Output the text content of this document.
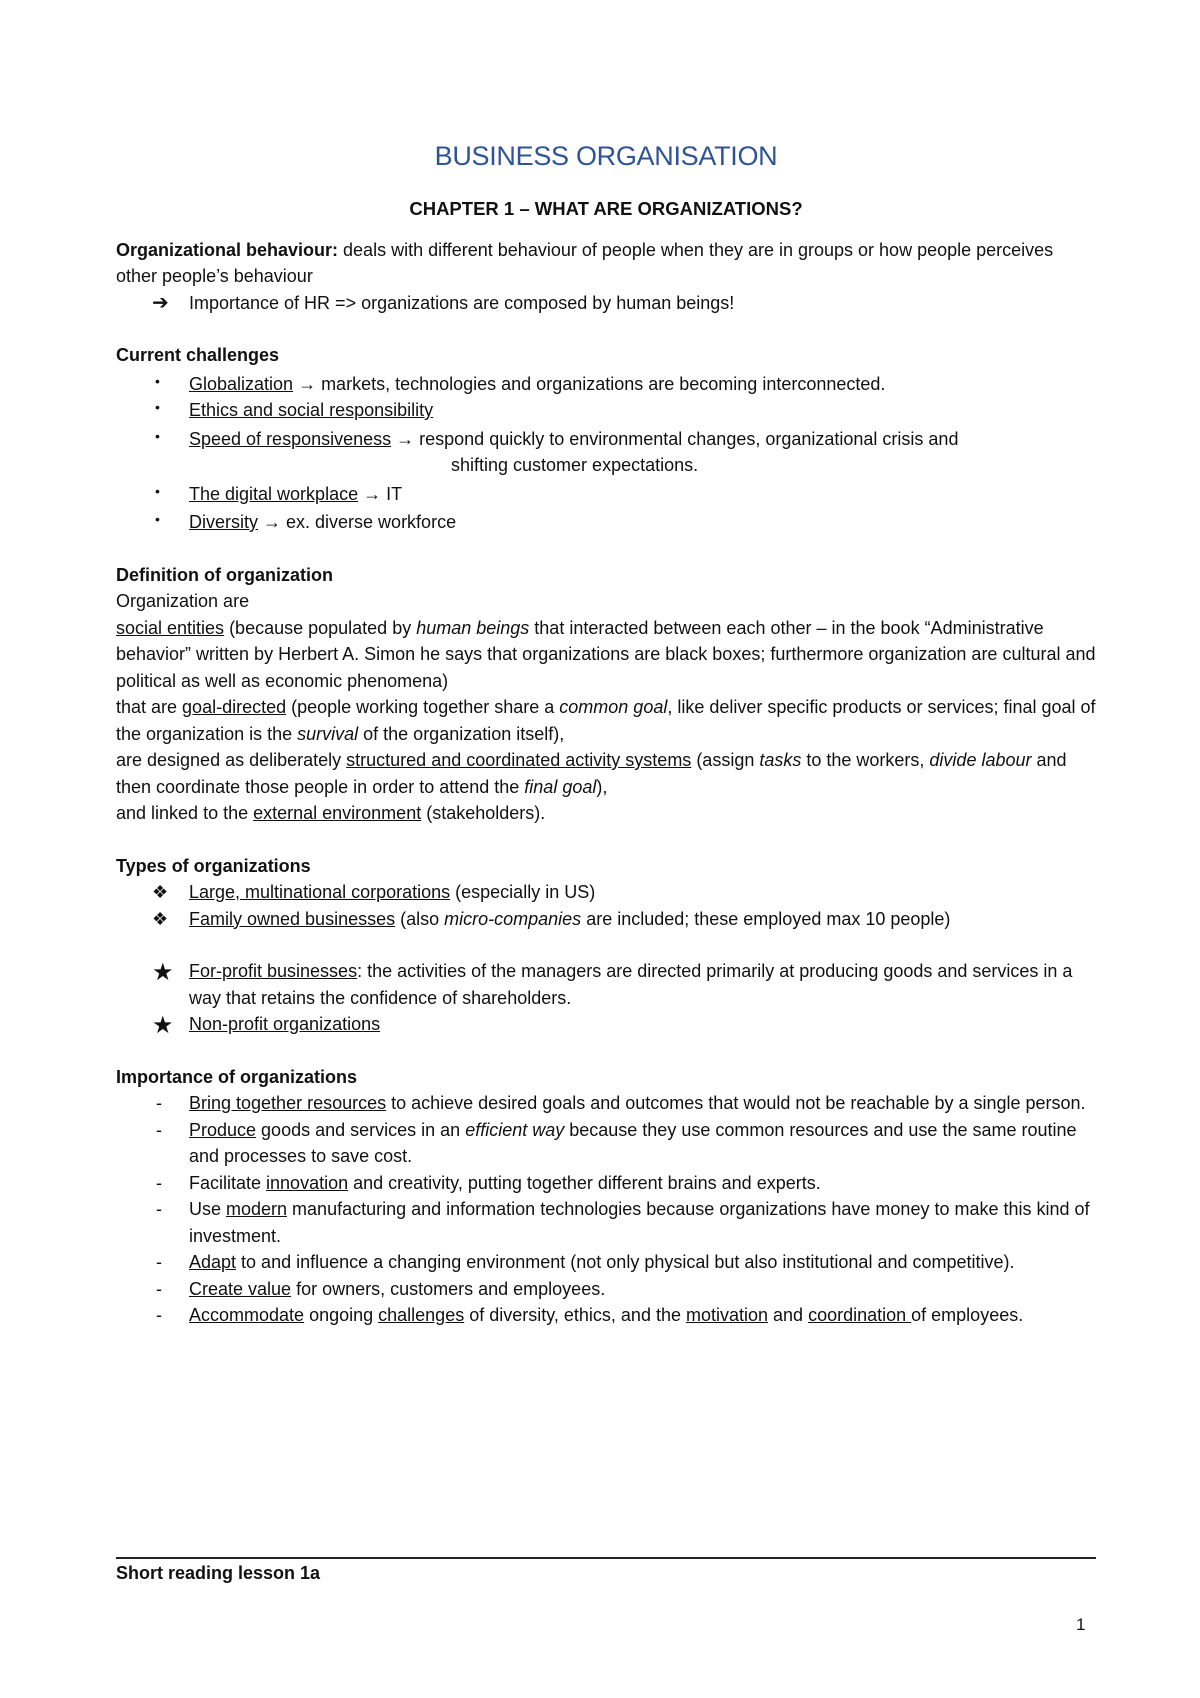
BUSINESS ORGANISATION
CHAPTER 1 – WHAT ARE ORGANIZATIONS?

Organizational behaviour: deals with different behaviour of people when they are in groups or how people perceives other people’s behaviour

➔	Importance of HR => organizations are composed by human beings!
Current challenges
•	Globalization → markets, technologies and organizations are becoming interconnected.
•	Ethics and social responsibility
•	Speed of responsiveness → respond quickly to environmental changes, organizational crisis and
shifting customer expectations.
•	The digital workplace → IT
•	Diversity → ex. diverse workforce
Definition of organization
Organization are

social entities (because populated by human beings that interacted between each other – in the book “Administrative behavior” written by Herbert A. Simon he says that organizations are black boxes; furthermore organization are cultural and political as well as economic phenomena)

that are goal-directed (people working together share a common goal, like deliver specific products or services; final goal of the organization is the survival of the organization itself),

are designed as deliberately structured and coordinated activity systems (assign tasks to the workers, divide labour and then coordinate those people in order to attend the final goal),

and linked to the external environment (stakeholders).

Types of organizations
❖	Large, multinational corporations (especially in US)
❖	Family owned businesses (also micro-companies are included; these employed max 10 people)
★ For-profit businesses: the activities of the managers are directed primarily at producing goods and services in a way that retains the confidence of shareholders.
★ Non-profit organizations
Importance of organizations
-	Bring together resources to achieve desired goals and outcomes that would not be reachable by a single person.
-	Produce goods and services in an efficient way because they use common resources and use the same routine and processes to save cost.
-	Facilitate innovation and creativity, putting together different brains and experts.
-	Use modern manufacturing and information technologies because organizations have money to make this kind of investment.
-	Adapt to and influence a changing environment (not only physical but also institutional and competitive).
-	Create value for owners, customers and employees.
-	Accommodate ongoing challenges of diversity, ethics, and the motivation and coordination of employees.
Short reading lesson 1a
1
